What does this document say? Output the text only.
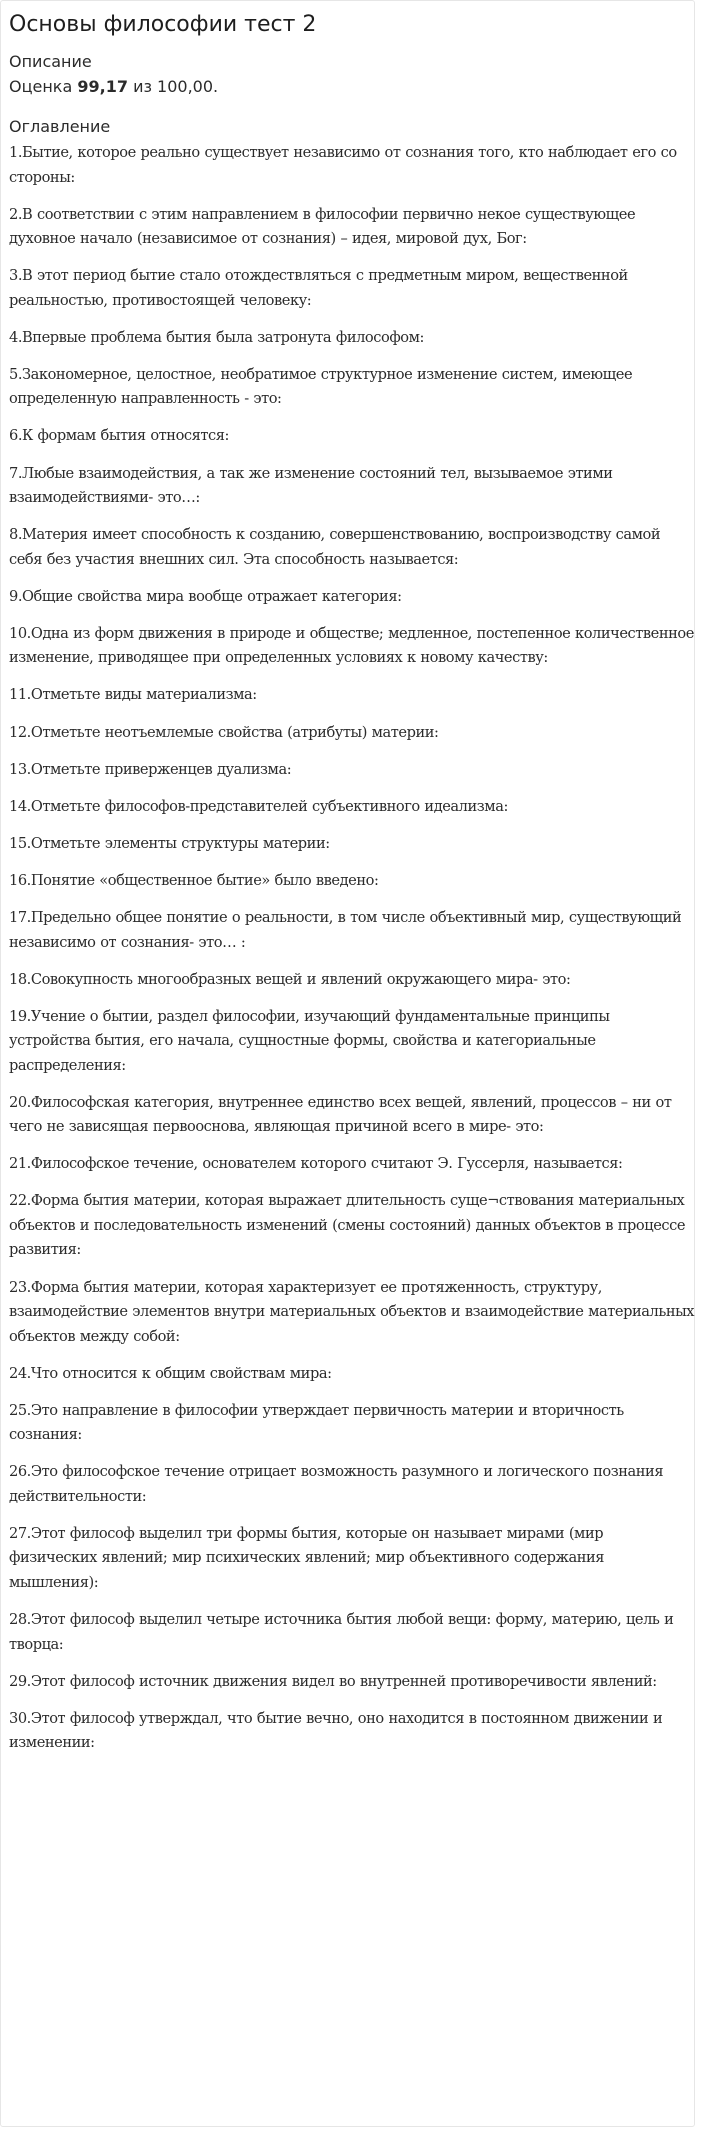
Основы философии тест 2
Описание
Оценка 99,17 из 100,00.
Оглавление
1.Бытие, которое реально существует независимо от сознания того, кто наблюдает его со стороны:
2.В соответствии с этим направлением в философии первично некое существующее духовное начало (независимое от сознания) – идея, мировой дух, Бог:
3.В этот период бытие стало отождествляться с предметным миром, вещественной реальностью, противостоящей человеку:
4.Впервые проблема бытия была затронута философом:
5.Закономерное, целостное, необратимое структурное изменение систем, имеющее определенную направленность - это:
6.К формам бытия относятся:
7.Любые взаимодействия, а так же изменение состояний тел, вызываемое этими взаимодействиями- это…:
8.Материя имеет способность к созданию, совершенствованию, воспроизводству самой себя без участия внешних сил. Эта способность называется:
9.Общие свойства мира вообще отражает категория:
10.Одна из форм движения в природе и обществе; медленное, постепенное количественное изменение, приводящее при определенных условиях к новому качеству:
11.Отметьте виды материализма:
12.Отметьте неотъемлемые свойства (атрибуты) материи:
13.Отметьте приверженцев дуализма:
14.Отметьте философов-представителей субъективного идеализма:
15.Отметьте элементы структуры материи:
16.Понятие «общественное бытие» было введено:
17.Предельно общее понятие о реальности, в том числе объективный мир, существующий независимо от сознания- это… :
18.Совокупность многообразных вещей и явлений окружающего мира- это:
19.Учение о бытии, раздел философии, изучающий фундаментальные принципы устройства бытия, его начала, сущностные формы, свойства и категориальные распределения:
20.Философская категория, внутреннее единство всех вещей, явлений, процессов – ни от чего не зависящая первооснова, являющая причиной всего в мире- это:
21.Философское течение, основателем которого считают Э. Гуссерля, называется:
22.Форма бытия материи, которая выражает длительность суще¬ствования материальных объектов и последовательность изменений (смены состояний) данных объектов в процессе развития:
23.Форма бытия материи, которая характеризует ее протяженность, структуру, взаимодействие элементов внутри материальных объектов и взаимодействие материальных объектов между собой:
24.Что относится к общим свойствам мира:
25.Это направление в философии утверждает первичность материи и вторичность сознания:
26.Это философское течение отрицает возможность разумного и логического познания действительности:
27.Этот философ выделил три формы бытия, которые он называет мирами (мир физических явлений; мир психических явлений; мир объективного содержания мышления):
28.Этот философ выделил четыре источника бытия любой вещи: форму, материю, цель и творца:
29.Этот философ источник движения видел во внутренней противоречивости явлений:
30.Этот философ утверждал, что бытие вечно, оно находится в постоянном движении и изменении:
